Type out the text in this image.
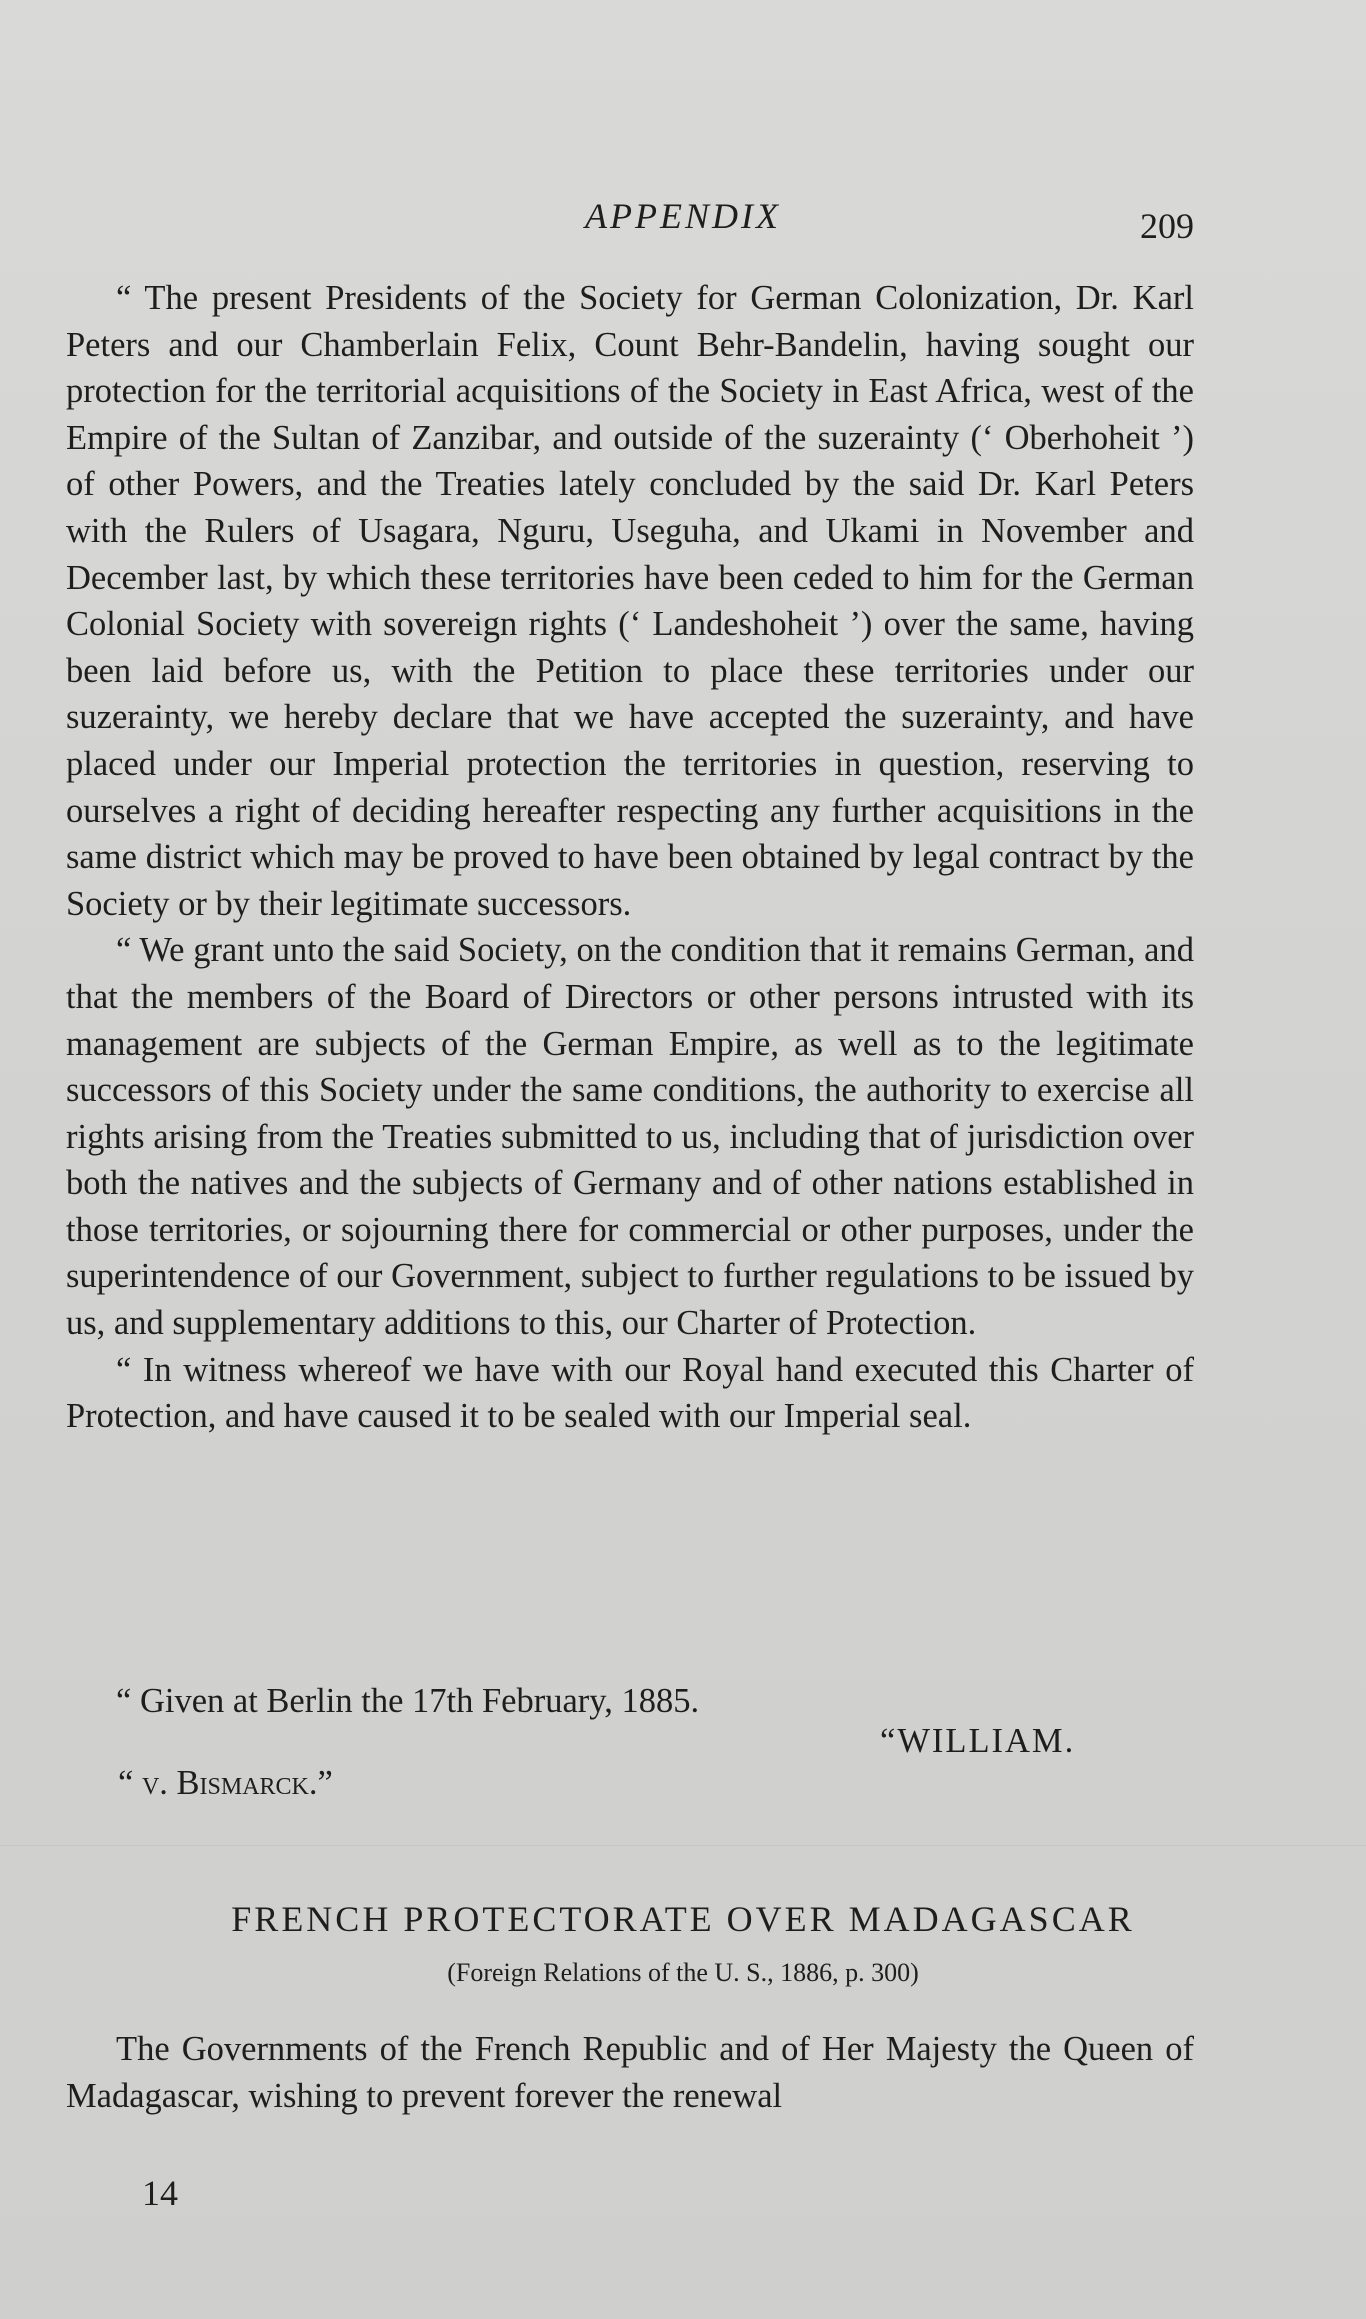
APPENDIX	209

“ The present Presidents of the Society for German Colonization, Dr. Karl Peters and our Chamberlain Felix, Count Behr-Bandelin, having sought our protection for the territorial acquisitions of the Society in East Africa, west of the Empire of the Sultan of Zanzibar, and outside of the suzerainty (‘ Oberhoheit ’) of other Powers, and the Treaties lately concluded by the said Dr. Karl Peters with the Rulers of Usagara, Nguru, Useguha, and Ukami in November and December last, by which these territories have been ceded to him for the German Colonial Society with sovereign rights (‘ Landeshoheit ’) over the same, having been laid before us, with the Petition to place these territories under our suzerainty, we hereby declare that we have accepted the suzerainty, and have placed under our Imperial protection the territories in question, reserving to ourselves a right of deciding hereafter respecting any further acquisitions in the same district which may be proved to have been obtained by legal contract by the Society or by their legitimate successors.

“ We grant unto the said Society, on the condition that it remains German, and that the members of the Board of Directors or other persons intrusted with its management are subjects of the German Empire, as well as to the legitimate successors of this Society under the same conditions, the authority to exercise all rights arising from the Treaties submitted to us, including that of jurisdiction over both the natives and the subjects of Germany and of other nations established in those territories, or sojourning there for commercial or other purposes, under the superintendence of our Government, subject to further regulations to be issued by us, and supplementary additions to this, our Charter of Protection.

“ In witness whereof we have with our Royal hand executed this Charter of Protection, and have caused it to be sealed with our Imperial seal.

“ Given at Berlin the 17th February, 1885.
“WILLIAM.
“ v. Bismarck.”
FRENCH PROTECTORATE OVER MADAGASCAR
(Foreign Relations of the U. S., 1886, p. 300)

The Governments of the French Republic and of Her Majesty the Queen of Madagascar, wishing to prevent forever the renewal

14
